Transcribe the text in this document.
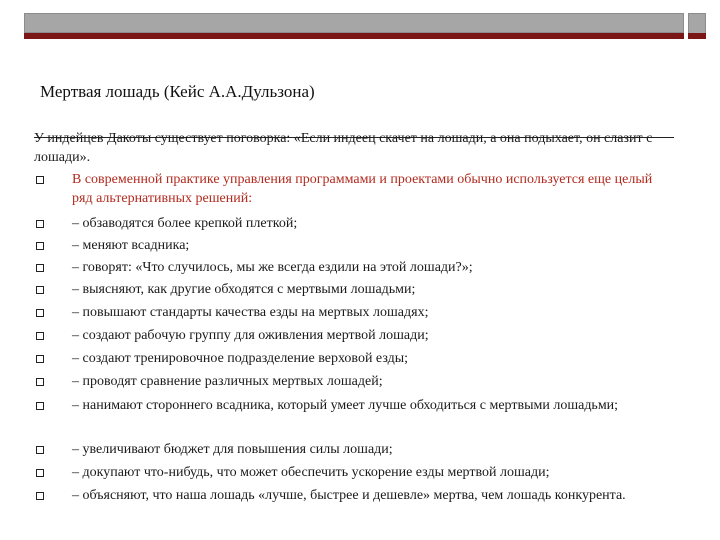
Мертвая лошадь (Кейс А.А.Дульзона)
У индейцев Дакоты существует поговорка: «Если индеец скачет на лошади, а она подыхает, он слазит с лошади».
В современной практике управления программами и проектами обычно используется еще целый ряд альтернативных решений:
– обзаводятся более крепкой плеткой;
– меняют всадника;
– говорят: «Что случилось, мы же всегда ездили на этой лошади?»;
– выясняют, как другие обходятся с мертвыми лошадьми;
– повышают стандарты качества езды на мертвых лошадях;
– создают рабочую группу для оживления мертвой лошади;
– создают тренировочное подразделение верховой езды;
– проводят сравнение различных мертвых лошадей;
– нанимают стороннего всадника, который умеет лучше обходиться с мертвыми лошадьми;
– увеличивают бюджет для повышения силы лошади;
– докупают что-нибудь, что может обеспечить ускорение езды мертвой лошади;
– объясняют, что наша лошадь «лучше, быстрее и дешевле» мертва, чем лошадь конкурента.
